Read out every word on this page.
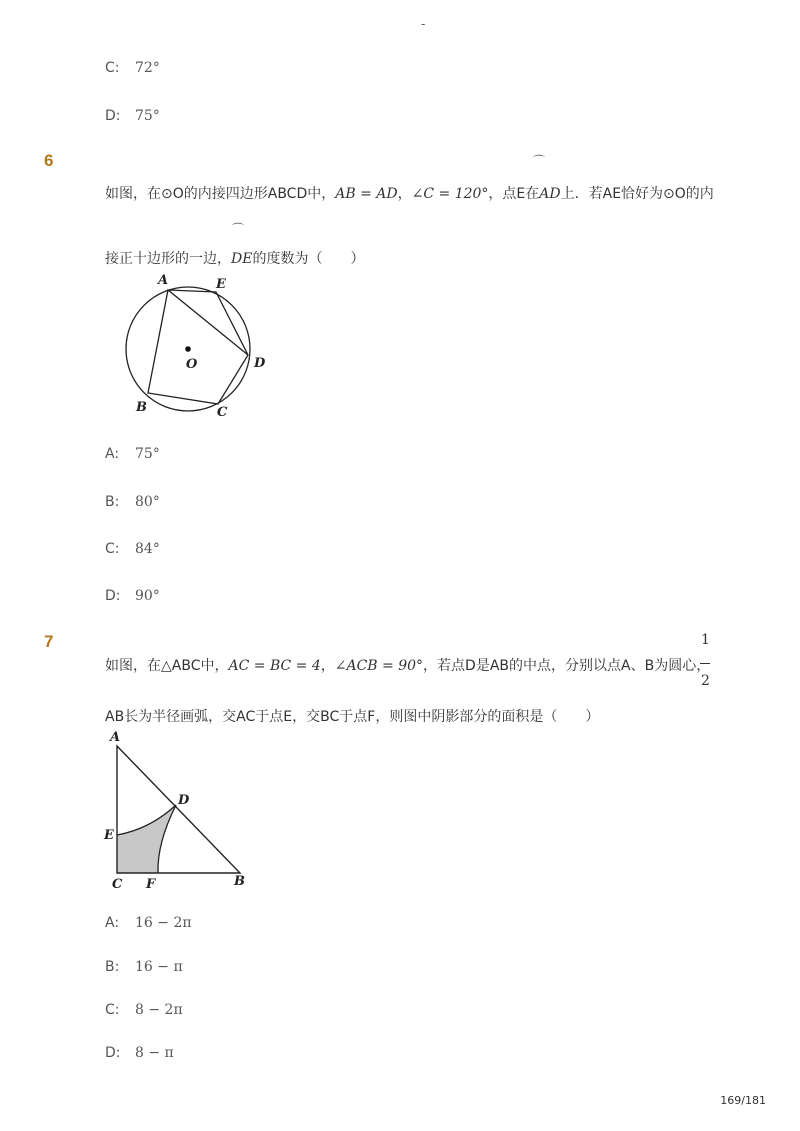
-
C: 72°
D: 75°
6	⌒
如图，在⊙O的内接四边形ABCD中，AB = AD，∠C = 120°，点E在AD上．若AE恰好为⊙O的内
⌒
接正十边形的一边，DE的度数为（　　）
A	E
O	D
B	C
A: 75°
B: 80°
C: 84°
D: 90°
7	1
2
如图，在△ABC中，AC = BC = 4，∠ACB = 90°，若点D是AB的中点，分别以点A、B为圆心，
AB长为半径画弧，交AC于点E，交BC于点F，则图中阴影部分的面积是（　　）
A
D
E
C F	B
A: 16 − 2π
B: 16 − π
C: 8 − 2π
D: 8 − π
169/181
